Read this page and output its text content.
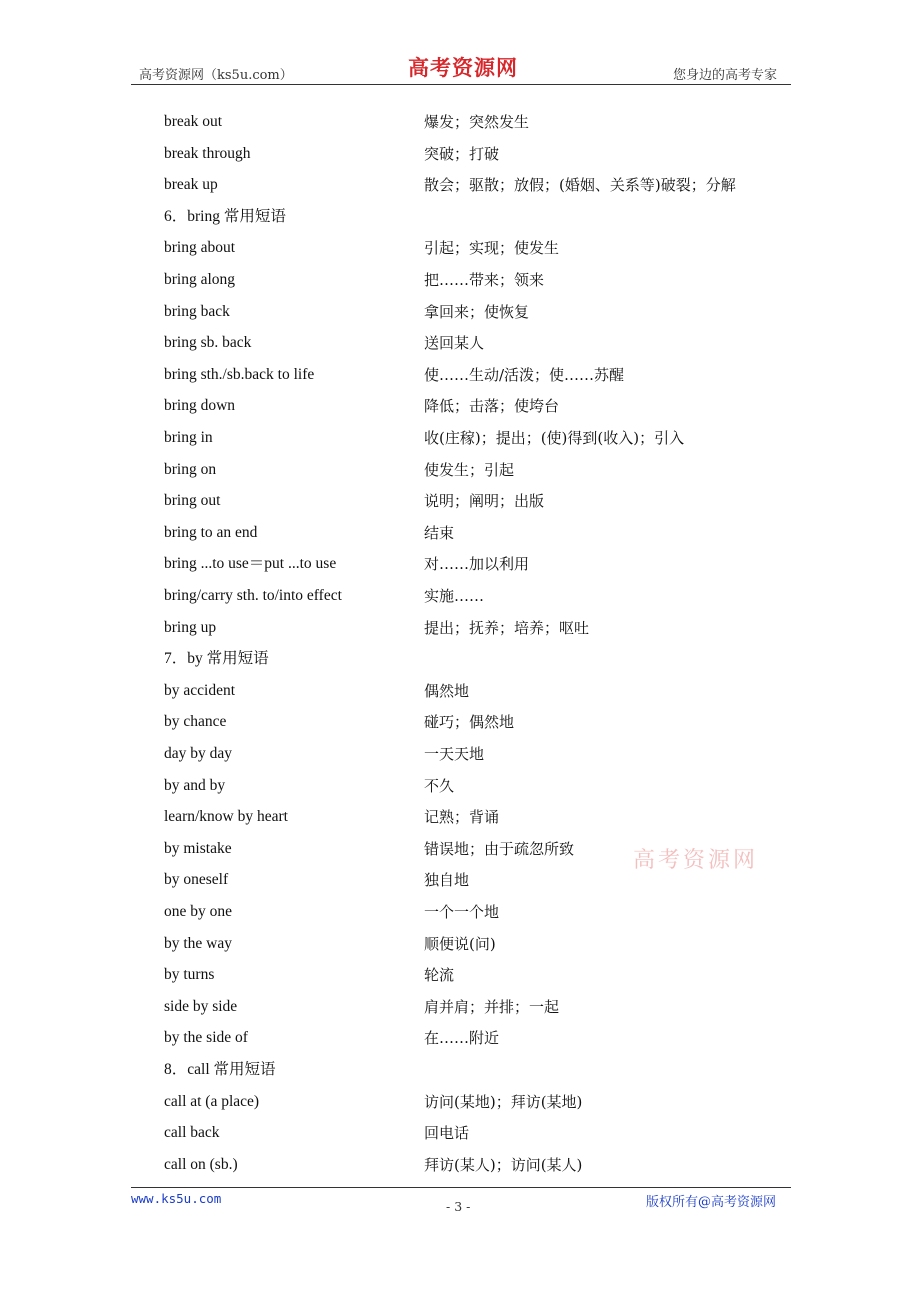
高考资源网（ks5u.com）	高考资源网	您身边的高考专家
break out	爆发；突然发生
break through	突破；打破
break up	散会；驱散；放假；(婚姻、关系等)破裂；分解
6．bring 常用短语
bring about	引起；实现；使发生
bring along	把……带来；领来
bring back	拿回来；使恢复
bring sb. back	送回某人
bring sth./sb.back to life	使……生动/活泼；使……苏醒
bring down	降低；击落；使垮台
bring in	收(庄稼)；提出；(使)得到(收入)；引入
bring on	使发生；引起
bring out	说明；阐明；出版
bring to an end	结束
bring ...to use＝put ...to use	对……加以利用
bring/carry sth. to/into effect	实施……
bring up	提出；抚养；培养；呕吐
7．by 常用短语
by accident	偶然地
by chance	碰巧；偶然地
day by day	一天天地
by and by	不久
learn/know by heart	记熟；背诵
by mistake	错误地；由于疏忽所致
by oneself	独自地
one by one	一个一个地
by the way	顺便说(问)
by turns	轮流
side by side	肩并肩；并排；一起
by the side of	在……附近
8．call 常用短语
call at (a place)	访问(某地)；拜访(某地)
call back	回电话
call on (sb.)	拜访(某人)；访问(某人)
高考资源网
www.ks5u.com
- 3 -	版权所有@高考资源网
